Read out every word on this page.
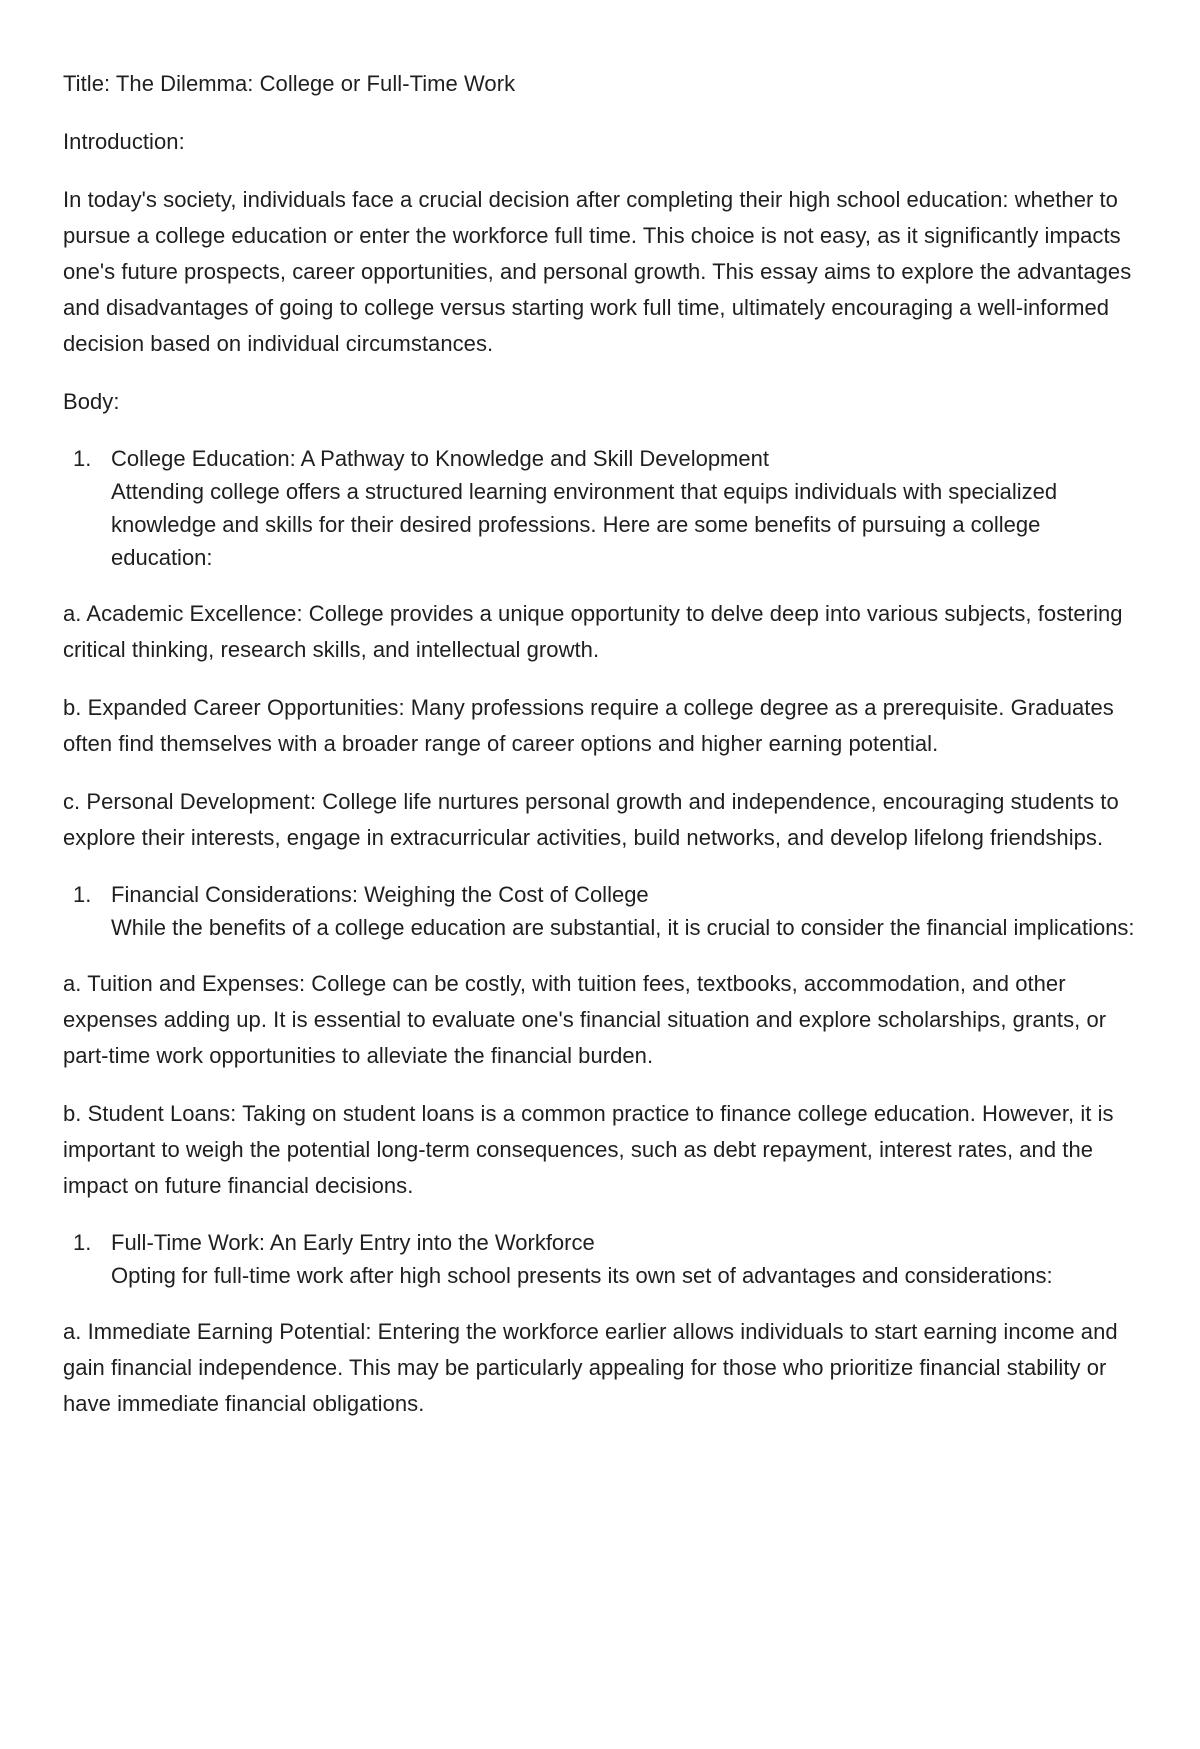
Title: The Dilemma: College or Full-Time Work

Introduction:

In today's society, individuals face a crucial decision after completing their high school education: whether to pursue a college education or enter the workforce full time. This choice is not easy, as it significantly impacts one's future prospects, career opportunities, and personal growth. This essay aims to explore the advantages and disadvantages of going to college versus starting work full time, ultimately encouraging a well-informed decision based on individual circumstances.

Body:

1. College Education: A Pathway to Knowledge and Skill Development
Attending college offers a structured learning environment that equips individuals with specialized knowledge and skills for their desired professions. Here are some benefits of pursuing a college education:

a. Academic Excellence: College provides a unique opportunity to delve deep into various subjects, fostering critical thinking, research skills, and intellectual growth.

b. Expanded Career Opportunities: Many professions require a college degree as a prerequisite. Graduates often find themselves with a broader range of career options and higher earning potential.

c. Personal Development: College life nurtures personal growth and independence, encouraging students to explore their interests, engage in extracurricular activities, build networks, and develop lifelong friendships.

1. Financial Considerations: Weighing the Cost of College
While the benefits of a college education are substantial, it is crucial to consider the financial implications:

a. Tuition and Expenses: College can be costly, with tuition fees, textbooks, accommodation, and other expenses adding up. It is essential to evaluate one's financial situation and explore scholarships, grants, or part-time work opportunities to alleviate the financial burden.

b. Student Loans: Taking on student loans is a common practice to finance college education. However, it is important to weigh the potential long-term consequences, such as debt repayment, interest rates, and the impact on future financial decisions.

1. Full-Time Work: An Early Entry into the Workforce
Opting for full-time work after high school presents its own set of advantages and considerations:

a. Immediate Earning Potential: Entering the workforce earlier allows individuals to start earning income and gain financial independence. This may be particularly appealing for those who prioritize financial stability or have immediate financial obligations.
